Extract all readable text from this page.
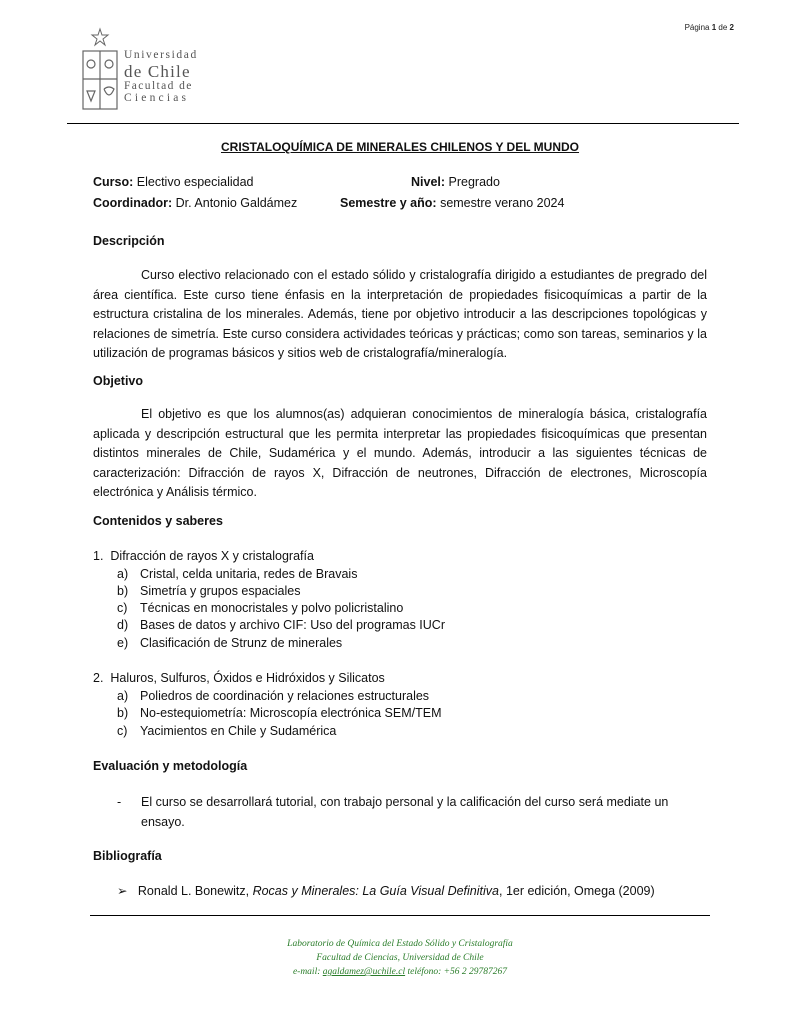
Página 1 de 2
Universidad
de Chile
Facultad de
Ciencias
CRISTALOQUÍMICA DE MINERALES CHILENOS Y DEL MUNDO
Curso: Electivo especialidad	Nivel: Pregrado
Coordinador: Dr. Antonio Galdámez	Semestre y año: semestre verano 2024
Descripción
Curso electivo relacionado con el estado sólido y cristalografía dirigido a estudiantes de pregrado del área científica. Este curso tiene énfasis en la interpretación de propiedades fisicoquímicas a partir de la estructura cristalina de los minerales. Además, tiene por objetivo introducir a las descripciones topológicas y relaciones de simetría. Este curso considera actividades teóricas y prácticas; como son tareas, seminarios y la utilización de programas básicos y sitios web de cristalografía/mineralogía.
Objetivo
El objetivo es que los alumnos(as) adquieran conocimientos de mineralogía básica, cristalografía aplicada y descripción estructural que les permita interpretar las propiedades fisicoquímicas que presentan distintos minerales de Chile, Sudamérica y el mundo. Además, introducir a las siguientes técnicas de caracterización: Difracción de rayos X, Difracción de neutrones, Difracción de electrones, Microscopía electrónica y Análisis térmico.
Contenidos y saberes
1. Difracción de rayos X y cristalografía
a) Cristal, celda unitaria, redes de Bravais
b) Simetría y grupos espaciales
c) Técnicas en monocristales y polvo policristalino
d) Bases de datos y archivo CIF: Uso del programas IUCr
e) Clasificación de Strunz de minerales
2. Haluros, Sulfuros, Óxidos e Hidróxidos y Silicatos
a) Poliedros de coordinación y relaciones estructurales
b) No-estequiometría: Microscopía electrónica SEM/TEM
c) Yacimientos en Chile y Sudamérica
Evaluación y metodología
-	El curso se desarrollará tutorial, con trabajo personal y la calificación del curso será mediate un ensayo.
Bibliografía
➢ Ronald L. Bonewitz, Rocas y Minerales: La Guía Visual Definitiva, 1er edición, Omega (2009)
Laboratorio de Química del Estado Sólido y Cristalografía
Facultad de Ciencias, Universidad de Chile
e-mail: agaldamez@uchile.cl teléfono: +56 2 29787267
